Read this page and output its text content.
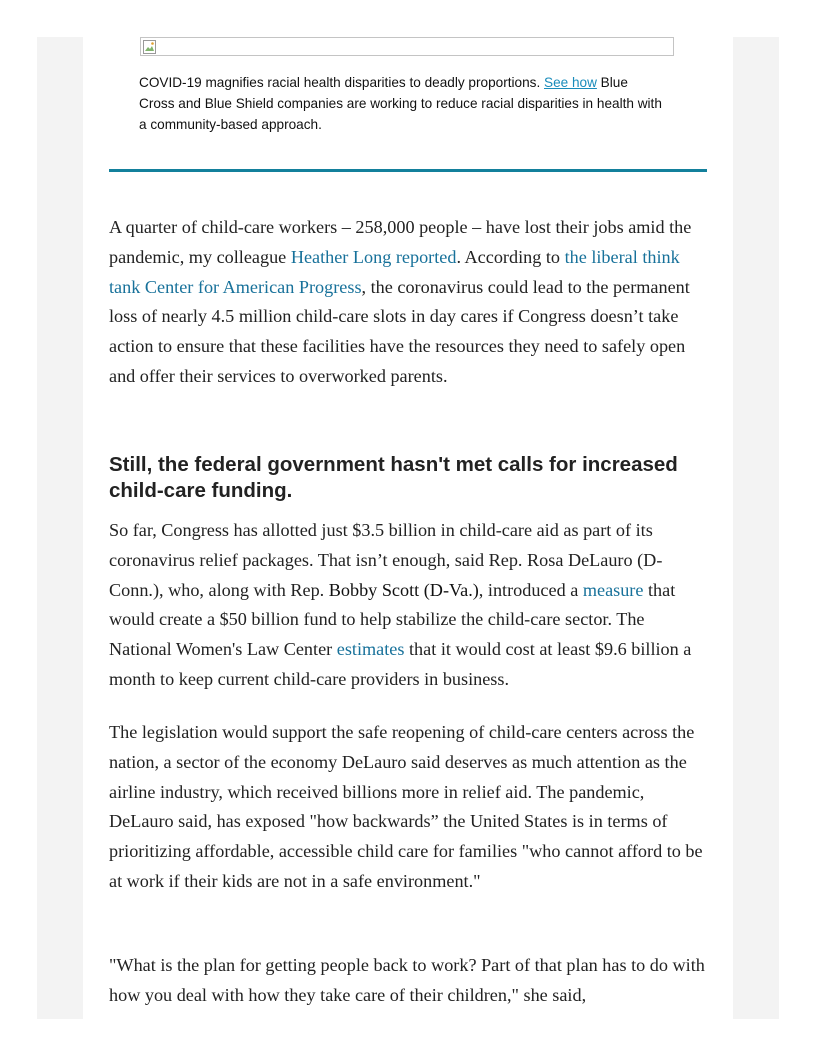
COVID-19 magnifies racial health disparities to deadly proportions. See how Blue Cross and Blue Shield companies are working to reduce racial disparities in health with a community-based approach.

A quarter of child-care workers – 258,000 people – have lost their jobs amid the pandemic, my colleague Heather Long reported. According to the liberal think tank Center for American Progress, the coronavirus could lead to the permanent loss of nearly 4.5 million child-care slots in day cares if Congress doesn’t take action to ensure that these facilities have the resources they need to safely open and offer their services to overworked parents.

Still, the federal government hasn't met calls for increased child-care funding.

So far, Congress has allotted just $3.5 billion in child-care aid as part of its coronavirus relief packages. That isn’t enough, said Rep. Rosa DeLauro (D-Conn.), who, along with Rep. Bobby Scott (D-Va.), introduced a measure that would create a $50 billion fund to help stabilize the child-care sector. The National Women's Law Center estimates that it would cost at least $9.6 billion a month to keep current child-care providers in business.

The legislation would support the safe reopening of child-care centers across the nation, a sector of the economy DeLauro said deserves as much attention as the airline industry, which received billions more in relief aid. The pandemic, DeLauro said, has exposed "how backwards” the United States is in terms of prioritizing affordable, accessible child care for families "who cannot afford to be at work if their kids are not in a safe environment."

"What is the plan for getting people back to work? Part of that plan has to do with how you deal with how they take care of their children," she said,
